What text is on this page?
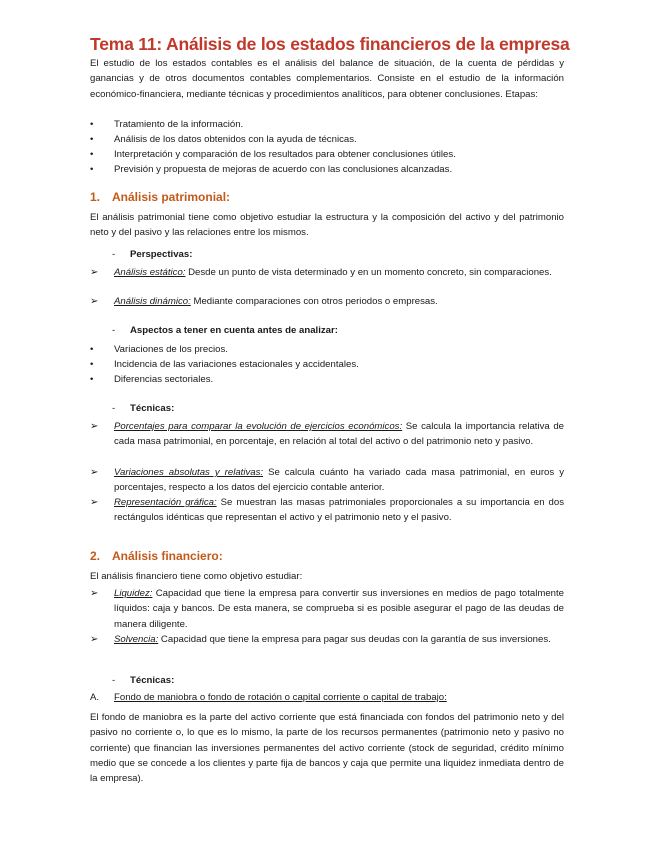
Tema 11: Análisis de los estados financieros de la empresa
El estudio de los estados contables es el análisis del balance de situación, de la cuenta de pérdidas y ganancias y de otros documentos contables complementarios. Consiste en el estudio de la información económico-financiera, mediante técnicas y procedimientos analíticos, para obtener conclusiones. Etapas:
•	Tratamiento de la información.
•	Análisis de los datos obtenidos con la ayuda de técnicas.
•	Interpretación y comparación de los resultados para obtener conclusiones útiles.
•	Previsión y propuesta de mejoras de acuerdo con las conclusiones alcanzadas.
1. Análisis patrimonial:
El análisis patrimonial tiene como objetivo estudiar la estructura y la composición del activo y del patrimonio neto y del pasivo y las relaciones entre los mismos.
- Perspectivas:
➢	Análisis estático: Desde un punto de vista determinado y en un momento concreto, sin comparaciones.
➢	Análisis dinámico: Mediante comparaciones con otros periodos o empresas.
- Aspectos a tener en cuenta antes de analizar:
•	Variaciones de los precios.
•	Incidencia de las variaciones estacionales y accidentales.
•	Diferencias sectoriales.
- Técnicas:
➢	Porcentajes para comparar la evolución de ejercicios económicos: Se calcula la importancia relativa de cada masa patrimonial, en porcentaje, en relación al total del activo o del patrimonio neto y pasivo.
➢	Variaciones absolutas y relativas: Se calcula cuánto ha variado cada masa patrimonial, en euros y porcentajes, respecto a los datos del ejercicio contable anterior.
➢	Representación gráfica: Se muestran las masas patrimoniales proporcionales a su importancia en dos rectángulos idénticas que representan el activo y el patrimonio neto y el pasivo.
2. Análisis financiero:
El análisis financiero tiene como objetivo estudiar:
➢	Liquidez: Capacidad que tiene la empresa para convertir sus inversiones en medios de pago totalmente líquidos: caja y bancos. De esta manera, se comprueba si es posible asegurar el pago de las deudas de manera diligente.
➢	Solvencia: Capacidad que tiene la empresa para pagar sus deudas con la garantía de sus inversiones.
- Técnicas:
A. Fondo de maniobra o fondo de rotación o capital corriente o capital de trabajo:
El fondo de maniobra es la parte del activo corriente que está financiada con fondos del patrimonio neto y del pasivo no corriente o, lo que es lo mismo, la parte de los recursos permanentes (patrimonio neto y pasivo no corriente) que financian las inversiones permanentes del activo corriente (stock de seguridad, crédito mínimo medio que se concede a los clientes y parte fija de bancos y caja que permite una liquidez inmediata dentro de la empresa).
